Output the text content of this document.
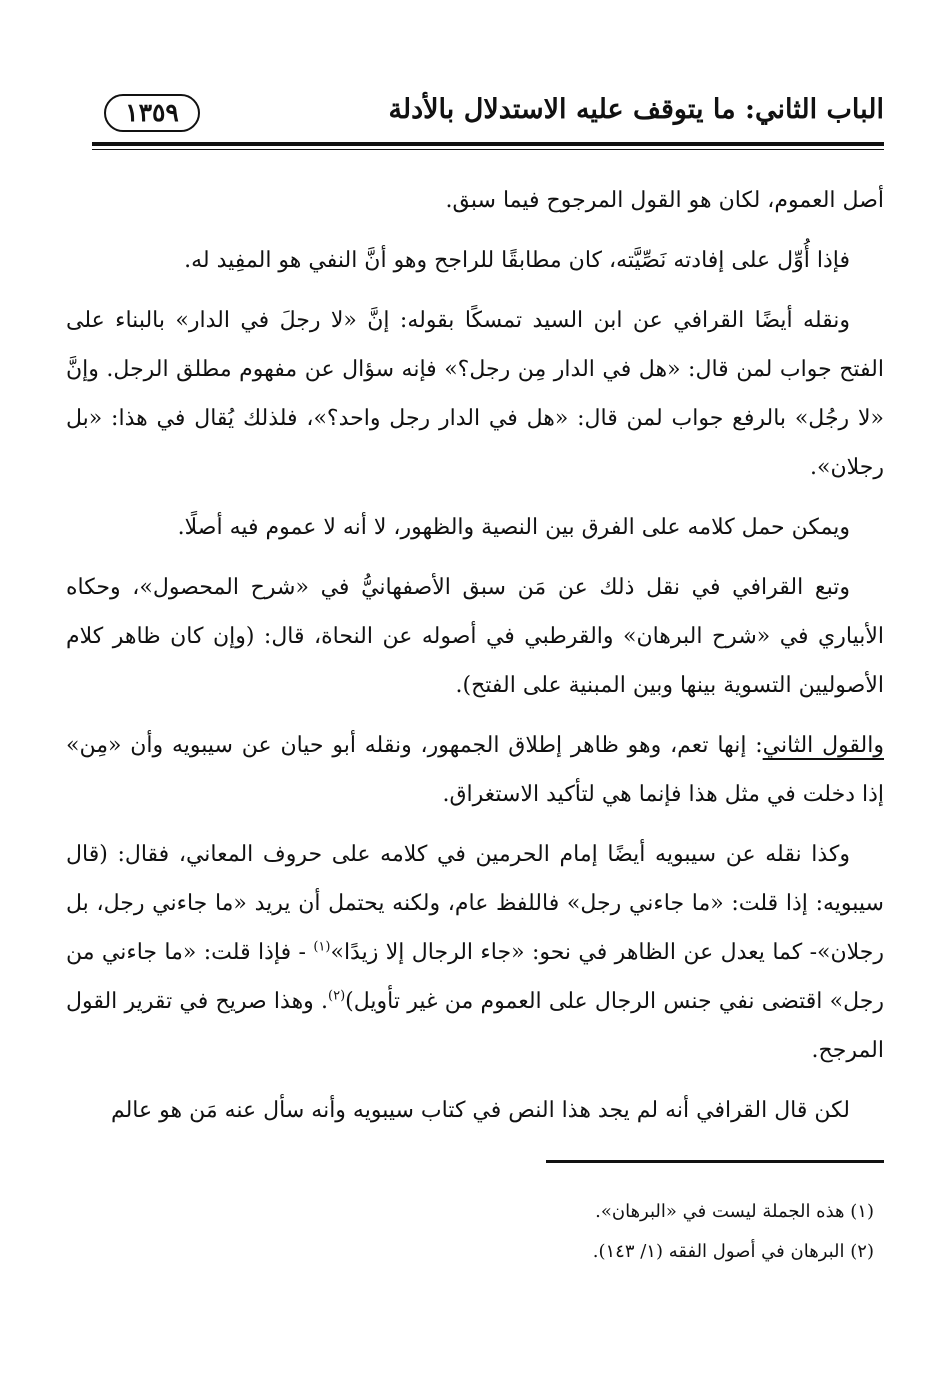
الباب الثاني: ما يتوقف عليه الاستدلال بالأدلة
١٣٥٩

أصل العموم، لكان هو القول المرجوح فيما سبق.

فإذا أُوِّل على إفادته نَصِّيَّته، كان مطابقًا للراجح وهو أنَّ النفي هو المفِيد له.

ونقله أيضًا القرافي عن ابن السيد تمسكًا بقوله: إنَّ «لا رجلَ في الدار» بالبناء على الفتح جواب لمن قال: «هل في الدار مِن رجل؟» فإنه سؤال عن مفهوم مطلق الرجل. وإنَّ «لا رجُل» بالرفع جواب لمن قال: «هل في الدار رجل واحد؟»، فلذلك يُقال في هذا: «بل رجلان».

ويمكن حمل كلامه على الفرق بين النصية والظهور، لا أنه لا عموم فيه أصلًا.

وتبع القرافي في نقل ذلك عن مَن سبق الأصفهانيُّ في «شرح المحصول»، وحكاه الأبياري في «شرح البرهان» والقرطبي في أصوله عن النحاة، قال: (وإن كان ظاهر كلام الأصوليين التسوية بينها وبين المبنية على الفتح).

والقول الثاني: إنها تعم، وهو ظاهر إطلاق الجمهور، ونقله أبو حيان عن سيبويه وأن «مِن» إذا دخلت في مثل هذا فإنما هي لتأكيد الاستغراق.

وكذا نقله عن سيبويه أيضًا إمام الحرمين في كلامه على حروف المعاني، فقال: (قال سيبويه: إذا قلت: «ما جاءني رجل» فاللفظ عام، ولكنه يحتمل أن يريد «ما جاءني رجل، بل رجلان»- كما يعدل عن الظاهر في نحو: «جاء الرجال إلا زيدًا»$^{(١)}$ - فإذا قلت: «ما جاءني من رجل» اقتضى نفي جنس الرجال على العموم من غير تأويل)$^{(٢)}$. وهذا صريح في تقرير القول المرجح.

لكن قال القرافي أنه لم يجد هذا النص في كتاب سيبويه وأنه سأل عنه مَن هو عالم

(١) هذه الجملة ليست في «البرهان».

(٢) البرهان في أصول الفقه (١/ ١٤٣).
